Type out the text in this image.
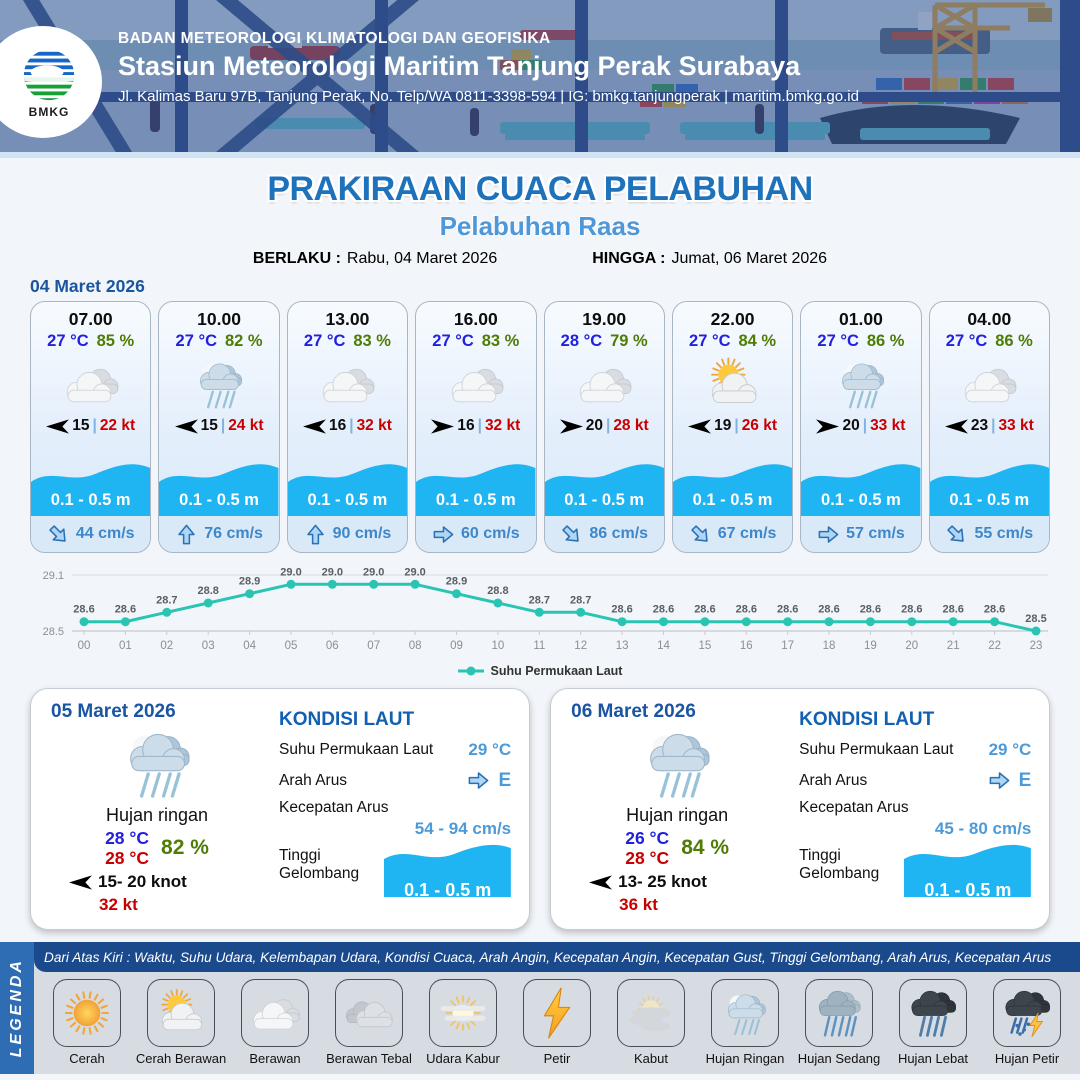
BMKG
BADAN METEOROLOGI KLIMATOLOGI DAN GEOFISIKA
Stasiun Meteorologi Maritim Tanjung Perak Surabaya
Jl. Kalimas Baru 97B, Tanjung Perak, No. Telp/WA 0811-3398-594 | IG: bmkg.tanjungperak | maritim.bmkg.go.id
PRAKIRAAN CUACA PELABUHAN
Pelabuhan Raas
BERLAKU : Rabu, 04 Maret 2026	HINGGA : Jumat, 06 Maret 2026
04 Maret 2026
07.00
27 °C 85 %
15 | 22 kt
0.1 - 0.5 m
44 cm/s
10.00
27 °C 82 %
15 | 24 kt
0.1 - 0.5 m
76 cm/s
13.00
27 °C 83 %
16 | 32 kt
0.1 - 0.5 m
90 cm/s
16.00
27 °C 83 %
16 | 32 kt
0.1 - 0.5 m
60 cm/s
19.00
28 °C 79 %
20 | 28 kt
0.1 - 0.5 m
86 cm/s
22.00
27 °C 84 %
19 | 26 kt
0.1 - 0.5 m
67 cm/s
01.00
27 °C 86 %
20 | 33 kt
0.1 - 0.5 m
57 cm/s
04.00
27 °C 86 %
23 | 33 kt
0.1 - 0.5 m
55 cm/s
29.1
28.5
28.6
00
28.6
01
28.7
02
28.8
03
28.9
04
29.0
05
29.0
06
29.0
07
29.0
08
28.9
09
28.8
10
28.7
11
28.7
12
28.6
13
28.6
14
28.6
15
28.6
16
28.6
17
28.6
18
28.6
19
28.6
20
28.6
21
28.6
22
28.5
23
Suhu Permukaan Laut
05 Maret 2026
Hujan ringan
28 °C
28 °C 82 %
15- 20 knot
32 kt
KONDISI LAUT
Suhu Permukaan Laut 29 °C
Arah Arus	E
Kecepatan Arus
54 - 94 cm/s
Tinggi Gelombang
0.1 - 0.5 m
06 Maret 2026
Hujan ringan
26 °C
28 °C 84 %
13- 25 knot
36 kt
KONDISI LAUT
Suhu Permukaan Laut 29 °C
Arah Arus	E
Kecepatan Arus
45 - 80 cm/s
Tinggi Gelombang
0.1 - 0.5 m
LEGENDA
Dari Atas Kiri : Waktu, Suhu Udara, Kelembapan Udara, Kondisi Cuaca, Arah Angin, Kecepatan Angin, Kecepatan Gust, Tinggi Gelombang, Arah Arus, Kecepatan Arus
Cerah Cerah Berawan Berawan Berawan Tebal Udara Kabur	Petir	Kabut	Hujan Ringan Hujan Sedang Hujan Lebat Hujan Petir
